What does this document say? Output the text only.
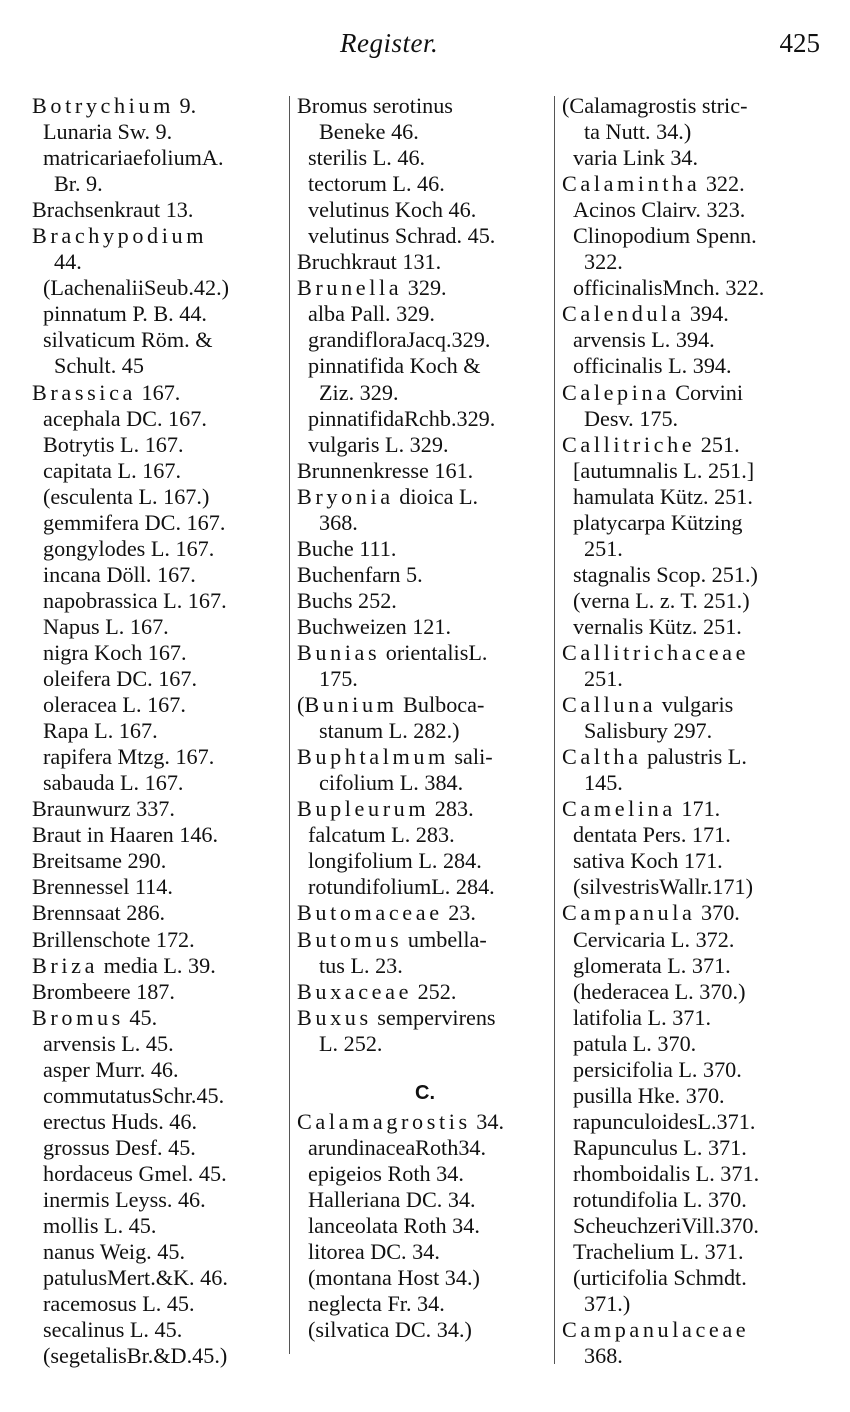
Register.	425
Botrychium 9.
Lunaria Sw. 9.
matricariaefoliumA.
Br. 9.
Brachsenkraut 13.
Brachypodium
44.
(LachenaliiSeub.42.)
pinnatum P. B. 44.
silvaticum Röm. &
Schult. 45
Brassica 167.
acephala DC. 167.
Botrytis L. 167.
capitata L. 167.
(esculenta L. 167.)
gemmifera DC. 167.
gongylodes L. 167.
incana Döll. 167.
napobrassica L. 167.
Napus L. 167.
nigra Koch 167.
oleifera DC. 167.
oleracea L. 167.
Rapa L. 167.
rapifera Mtzg. 167.
sabauda L. 167.
Braunwurz 337.
Braut in Haaren 146.
Breitsame 290.
Brennessel 114.
Brennsaat 286.
Brillenschote 172.
Briza media L. 39.
Brombeere 187.
Bromus 45.
arvensis L. 45.
asper Murr. 46.
commutatusSchr.45.
erectus Huds. 46.
grossus Desf. 45.
hordaceus Gmel. 45.
inermis Leyss. 46.
mollis L. 45.
nanus Weig. 45.
patulusMert.&K. 46.
racemosus L. 45.
secalinus L. 45.
(segetalisBr.&D.45.)
Bromus serotinus
Beneke 46.
sterilis L. 46.
tectorum L. 46.
velutinus Koch 46.
velutinus Schrad. 45.
Bruchkraut 131.
Brunella 329.
alba Pall. 329.
grandifloraJacq.329.
pinnatifida Koch &
Ziz. 329.
pinnatifidaRchb.329.
vulgaris L. 329.
Brunnenkresse 161.
Bryonia dioica L.
368.
Buche 111.
Buchenfarn 5.
Buchs 252.
Buchweizen 121.
Bunias orientalisL.
175.
(Bunium Bulboca-
stanum L. 282.)
Buphtalmum sali-
cifolium L. 384.
Bupleurum 283.
falcatum L. 283.
longifolium L. 284.
rotundifoliumL. 284.
Butomaceae 23.
Butomus umbella-
tus L. 23.
Buxaceae 252.
Buxus sempervirens
L. 252.
C.
Calamagrostis 34.
arundinaceaRoth34.
epigeios Roth 34.
Halleriana DC. 34.
lanceolata Roth 34.
litorea DC. 34.
(montana Host 34.)
neglecta Fr. 34.
(silvatica DC. 34.)
(Calamagrostis stric-
ta Nutt. 34.)
varia Link 34.
Calamintha 322.
Acinos Clairv. 323.
Clinopodium Spenn.
322.
officinalisMnch. 322.
Calendula 394.
arvensis L. 394.
officinalis L. 394.
Calepina Corvini
Desv. 175.
Callitriche 251.
[autumnalis L. 251.]
hamulata Kütz. 251.
platycarpa Kützing
251.
stagnalis Scop. 251.)
(verna L. z. T. 251.)
vernalis Kütz. 251.
Callitrichaceae
251.
Calluna vulgaris
Salisbury 297.
Caltha palustris L.
145.
Camelina 171.
dentata Pers. 171.
sativa Koch 171.
(silvestrisWallr.171)
Campanula 370.
Cervicaria L. 372.
glomerata L. 371.
(hederacea L. 370.)
latifolia L. 371.
patula L. 370.
persicifolia L. 370.
pusilla Hke. 370.
rapunculoidesL.371.
Rapunculus L. 371.
rhomboidalis L. 371.
rotundifolia L. 370.
ScheuchzeriVill.370.
Trachelium L. 371.
(urticifolia Schmdt.
371.)
Campanulaceae
368.
